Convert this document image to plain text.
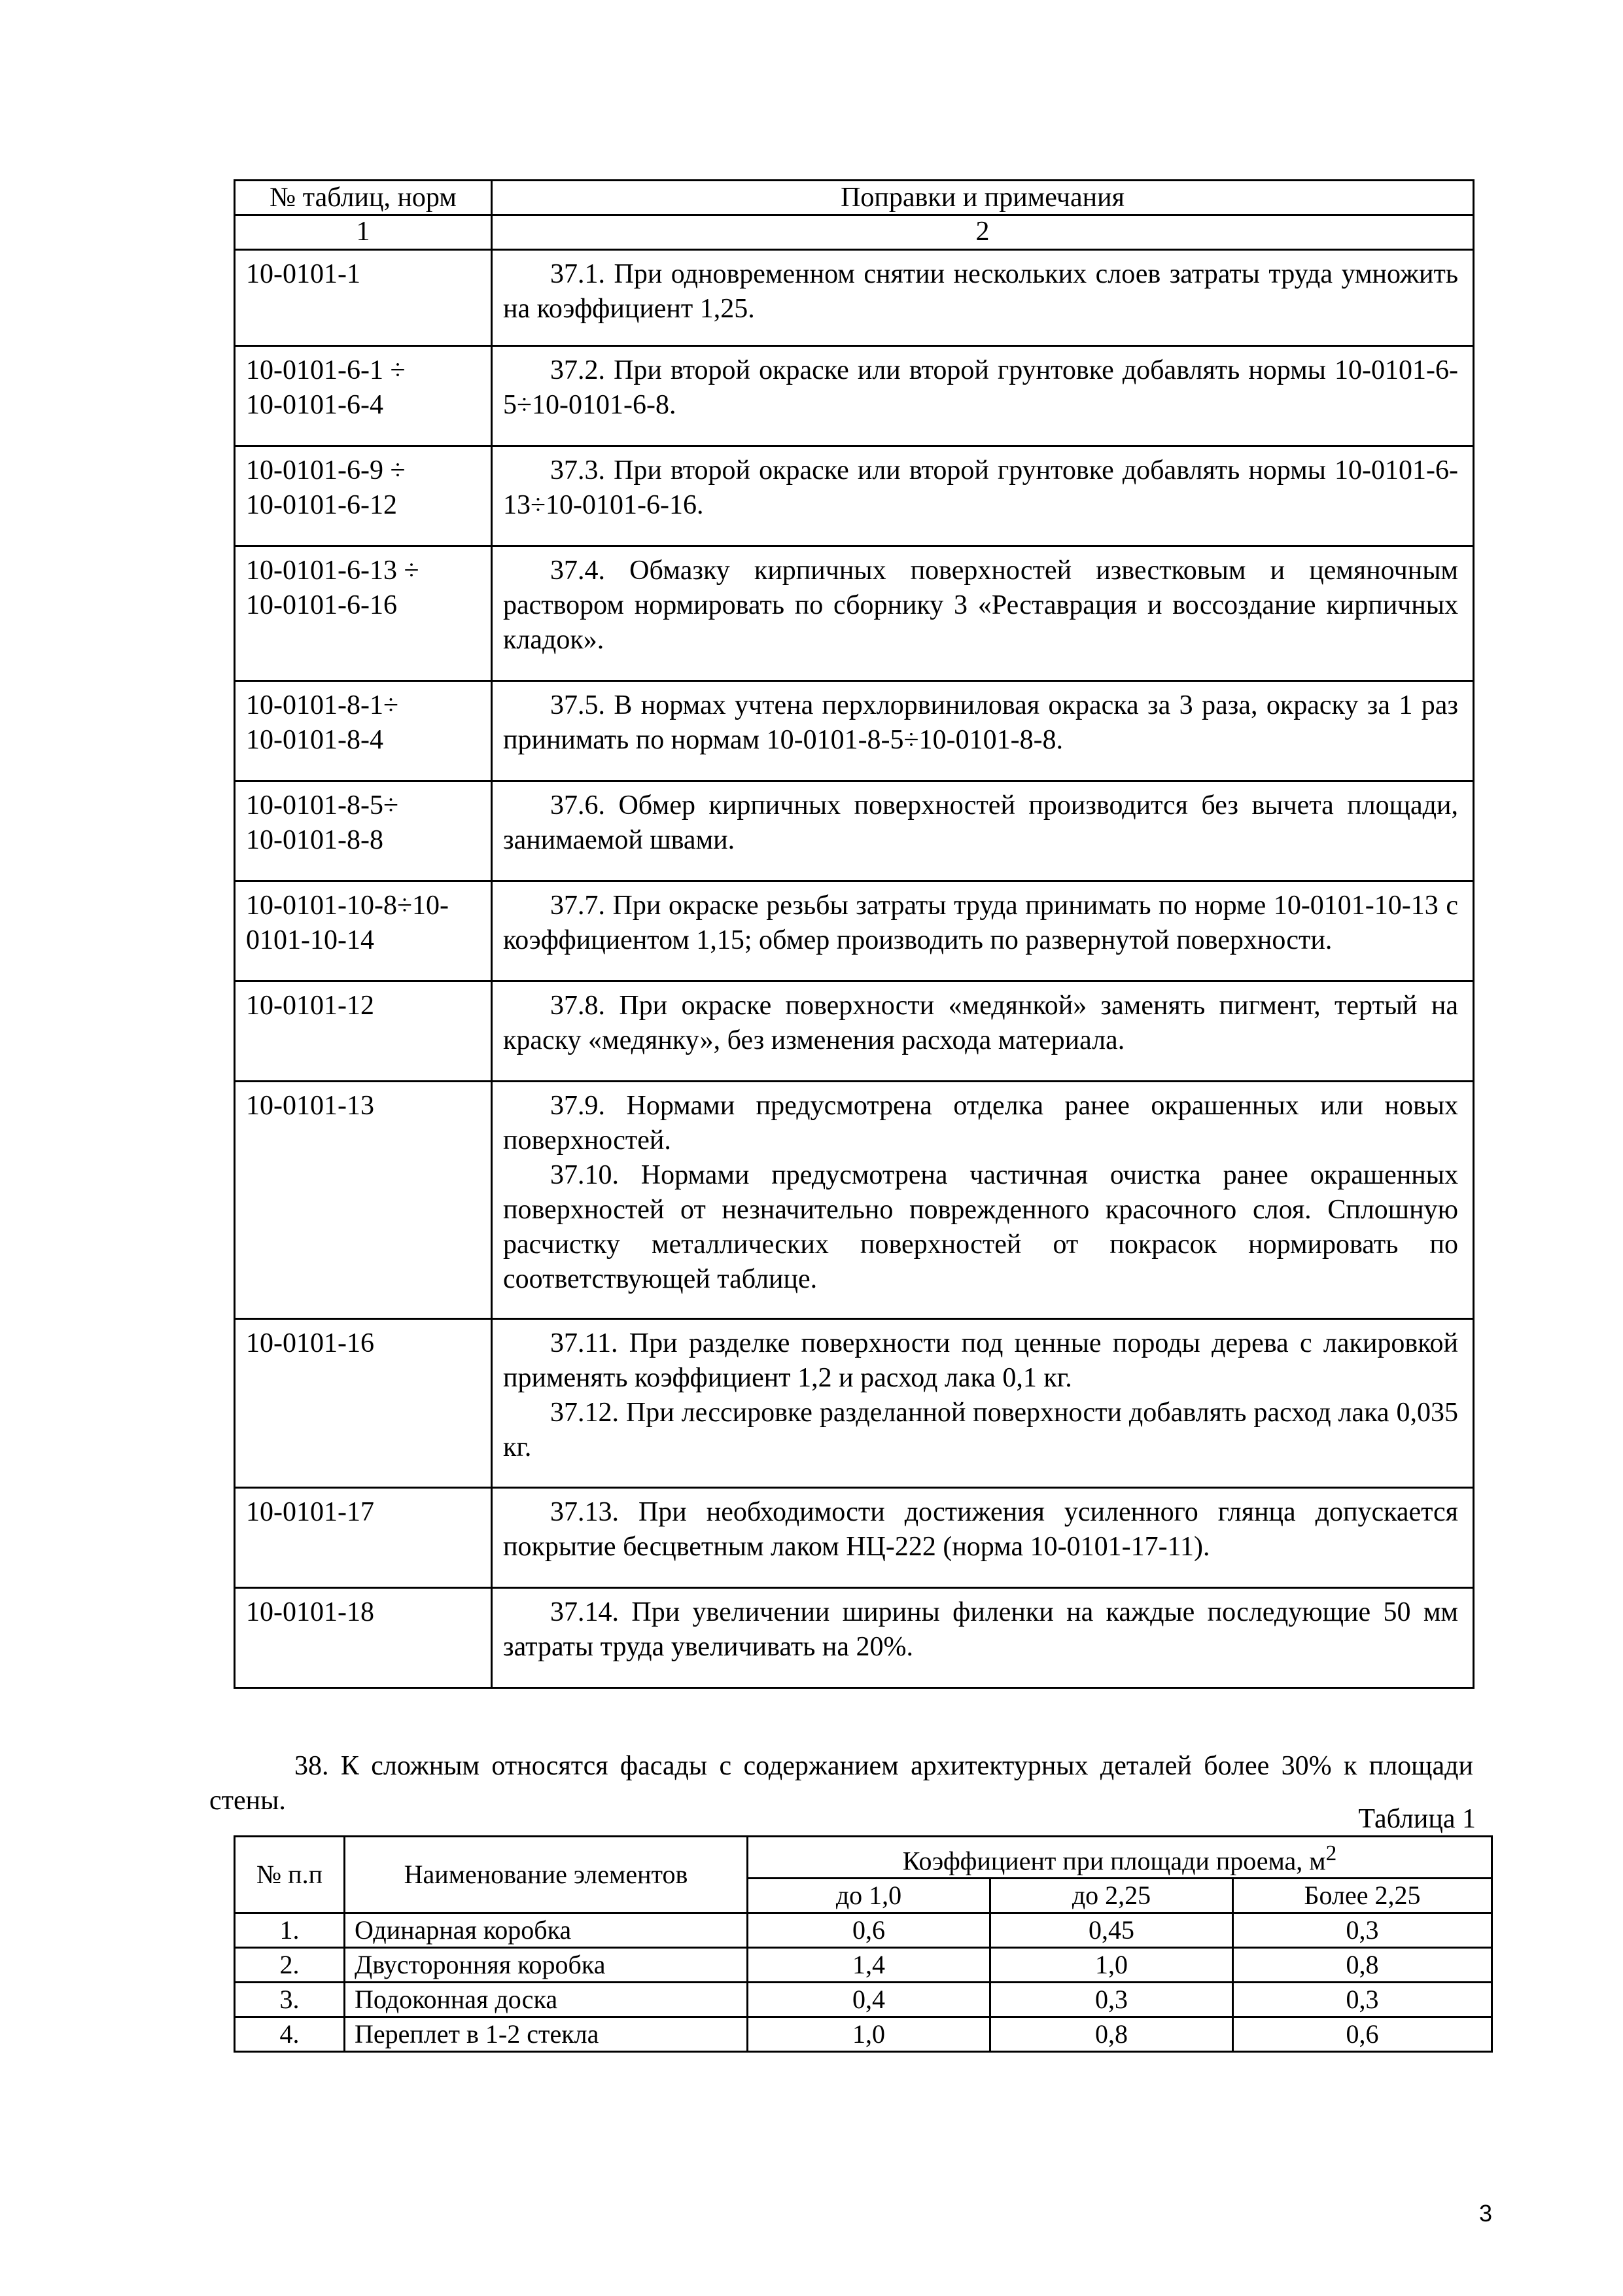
№ таблиц, норм	Поправки и примечания
1	2

10-0101-1	37.1. При одновременном снятии нескольких слоев затраты труда умножить на коэффициент 1,25.

10-0101-6-1 ÷
10-0101-6-4	37.2. При второй окраске или второй грунтовке добавлять нормы 10-0101-6-5÷10-0101-6-8.

10-0101-6-9 ÷
10-0101-6-12	37.3. При второй окраске или второй грунтовке добавлять нормы 10-0101-6-13÷10-0101-6-16.

10-0101-6-13 ÷
10-0101-6-16	37.4. Обмазку кирпичных поверхностей известковым и цемяночным раствором нормировать по сборнику 3 «Реставрация и воссоздание кирпичных кладок».

10-0101-8-1÷
10-0101-8-4	37.5. В нормах учтена перхлорвиниловая окраска за 3 раза, окраску за 1 раз принимать по нормам 10-0101-8-5÷10-0101-8-8.

10-0101-8-5÷
10-0101-8-8	37.6. Обмер кирпичных поверхностей производится без вычета площади, занимаемой швами.

10-0101-10-8÷10-
0101-10-14	37.7. При окраске резьбы затраты труда принимать по норме 10-0101-10-13 с коэффициентом 1,15; обмер производить по развернутой поверхности.

10-0101-12	37.8. При окраске поверхности «медянкой» заменять пигмент, тертый на краску «медянку», без изменения расхода материала.

10-0101-13	37.9. Нормами предусмотрена отделка ранее окрашенных или новых поверхностей.

37.10. Нормами предусмотрена частичная очистка ранее окрашенных поверхностей от незначительно поврежденного красочного слоя. Сплошную расчистку металлических поверхностей от покрасок нормировать по соответствующей таблице.

10-0101-16	37.11. При разделке поверхности под ценные породы дерева с лакировкой применять коэффициент 1,2 и расход лака 0,1 кг.

37.12. При лессировке разделанной поверхности добавлять расход лака 0,035 кг.

10-0101-17	37.13. При необходимости достижения усиленного глянца допускается покрытие бесцветным лаком НЦ-222 (норма 10-0101-17-11).

10-0101-18	37.14. При увеличении ширины филенки на каждые последующие 50 мм затраты труда увеличивать на 20%.

38. К сложным относятся фасады с содержанием архитектурных деталей более 30% к площади стены.

Таблица 1
№ п.п	Наименование элементов	Коэффициент при площади проема, $м^2$
		до 1,0	до 2,25	Более 2,25
1.	Одинарная коробка	0,6	0,45	0,3
2.	Двусторонняя коробка	1,4	1,0	0,8
3.	Подоконная доска	0,4	0,3	0,3
4.	Переплет в 1-2 стекла	1,0	0,8	0,6
3
